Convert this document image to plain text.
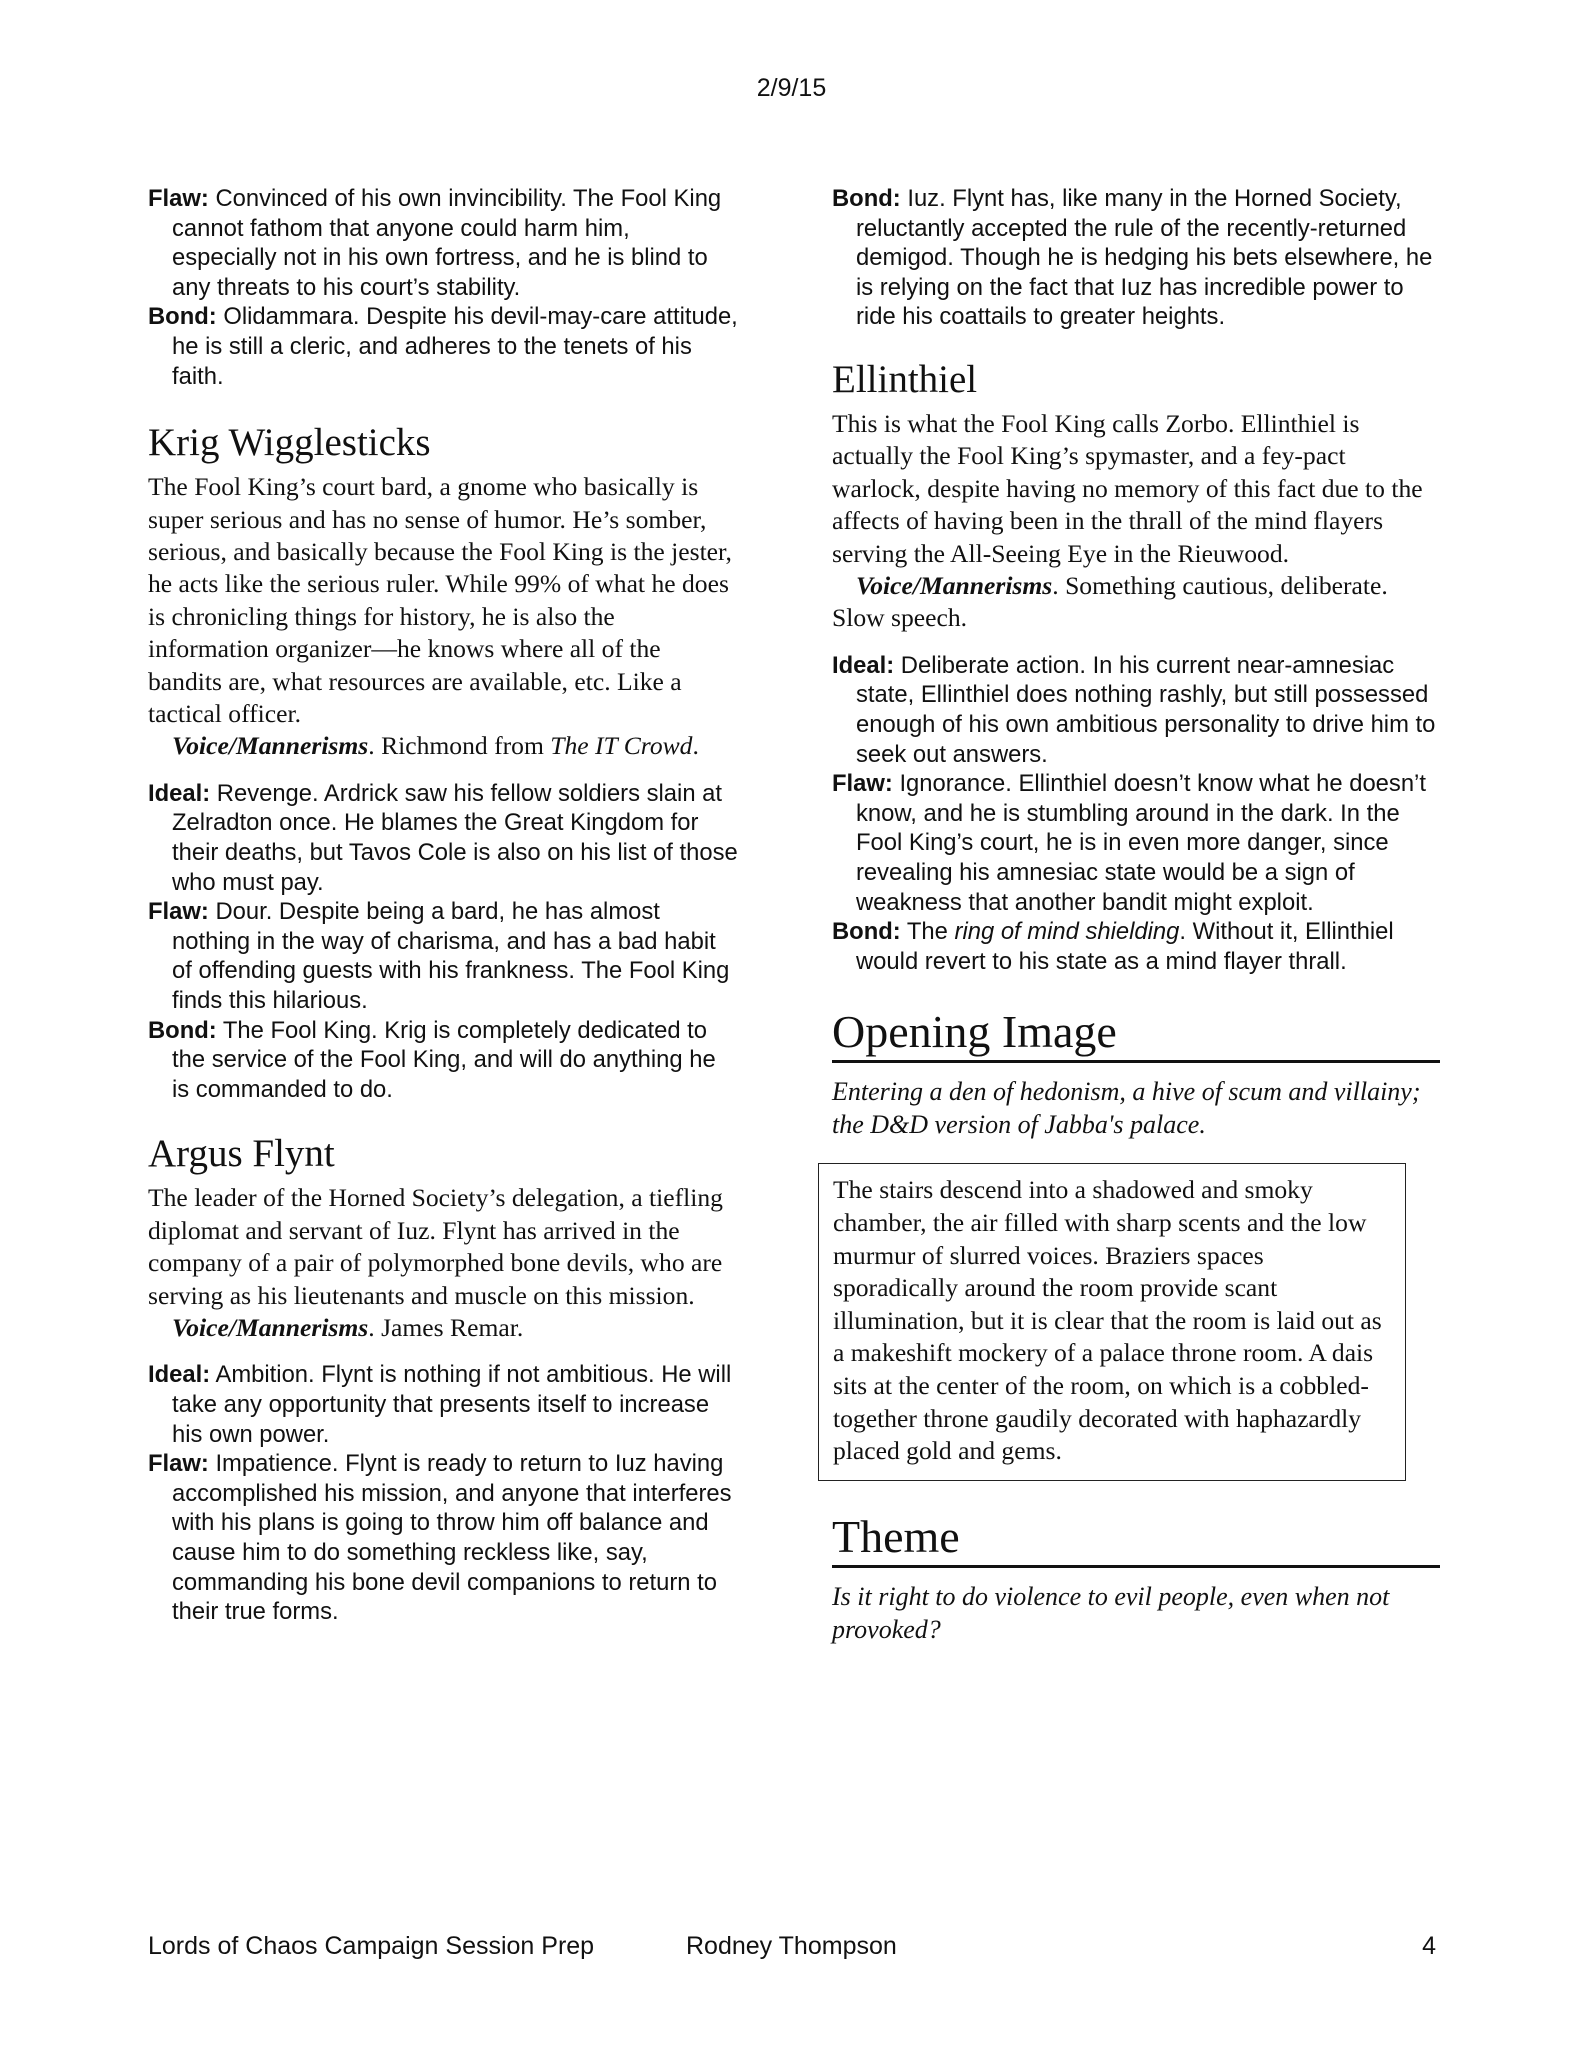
2/9/15

Flaw: Convinced of his own invincibility. The Fool King cannot fathom that anyone could harm him, especially not in his own fortress, and he is blind to any threats to his court’s stability.

Bond: Olidammara. Despite his devil-may-care attitude, he is still a cleric, and adheres to the tenets of his faith.

Krig Wigglesticks

The Fool King’s court bard, a gnome who basically is super serious and has no sense of humor. He’s somber, serious, and basically because the Fool King is the jester, he acts like the serious ruler. While 99% of what he does is chronicling things for history, he is also the information organizer—he knows where all of the bandits are, what resources are available, etc. Like a tactical officer.

Voice/Mannerisms. Richmond from The IT Crowd.

Ideal: Revenge. Ardrick saw his fellow soldiers slain at Zelradton once. He blames the Great Kingdom for their deaths, but Tavos Cole is also on his list of those who must pay.

Flaw: Dour. Despite being a bard, he has almost nothing in the way of charisma, and has a bad habit of offending guests with his frankness. The Fool King finds this hilarious.

Bond: The Fool King. Krig is completely dedicated to the service of the Fool King, and will do anything he is commanded to do.

Argus Flynt

The leader of the Horned Society’s delegation, a tiefling diplomat and servant of Iuz. Flynt has arrived in the company of a pair of polymorphed bone devils, who are serving as his lieutenants and muscle on this mission.

Voice/Mannerisms. James Remar.

Ideal: Ambition. Flynt is nothing if not ambitious. He will take any opportunity that presents itself to increase his own power.

Flaw: Impatience. Flynt is ready to return to Iuz having accomplished his mission, and anyone that interferes with his plans is going to throw him off balance and cause him to do something reckless like, say, commanding his bone devil companions to return to their true forms.

Bond: Iuz. Flynt has, like many in the Horned Society, reluctantly accepted the rule of the recently-returned demigod. Though he is hedging his bets elsewhere, he is relying on the fact that Iuz has incredible power to ride his coattails to greater heights.

Ellinthiel

This is what the Fool King calls Zorbo. Ellinthiel is actually the Fool King’s spymaster, and a fey-pact warlock, despite having no memory of this fact due to the affects of having been in the thrall of the mind flayers serving the All-Seeing Eye in the Rieuwood.

Voice/Mannerisms. Something cautious, deliberate. Slow speech.

Ideal: Deliberate action. In his current near-amnesiac state, Ellinthiel does nothing rashly, but still possessed enough of his own ambitious personality to drive him to seek out answers.

Flaw: Ignorance. Ellinthiel doesn’t know what he doesn’t know, and he is stumbling around in the dark. In the Fool King’s court, he is in even more danger, since revealing his amnesiac state would be a sign of weakness that another bandit might exploit.

Bond: The ring of mind shielding. Without it, Ellinthiel would revert to his state as a mind flayer thrall.

Opening Image

Entering a den of hedonism, a hive of scum and villainy; the D&D version of Jabba's palace.

The stairs descend into a shadowed and smoky chamber, the air filled with sharp scents and the low murmur of slurred voices. Braziers spaces sporadically around the room provide scant illumination, but it is clear that the room is laid out as a makeshift mockery of a palace throne room. A dais sits at the center of the room, on which is a cobbled-together throne gaudily decorated with haphazardly placed gold and gems.
Theme

Is it right to do violence to evil people, even when not provoked?

Lords of Chaos Campaign Session Prep	Rodney Thompson	4
